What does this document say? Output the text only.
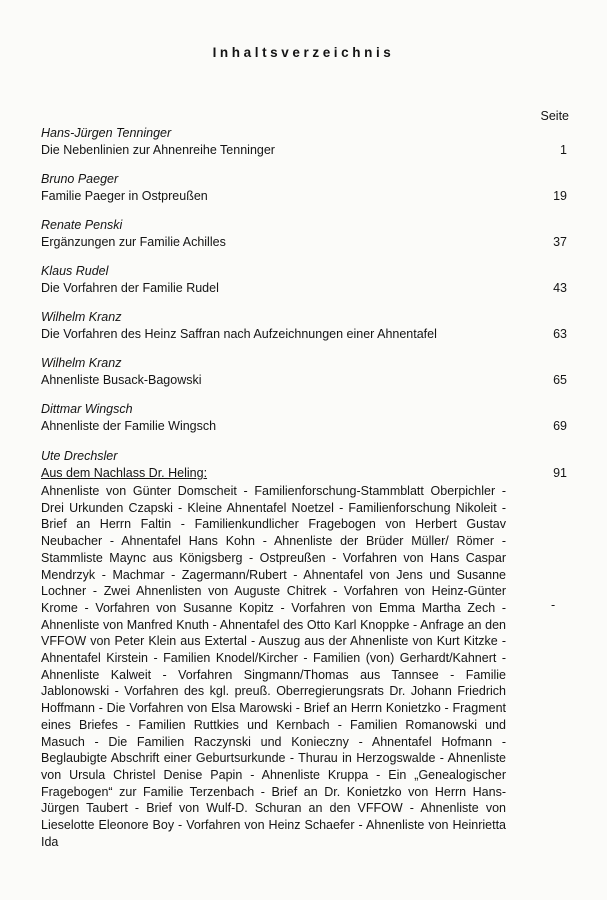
Inhaltsverzeichnis
Seite
Hans-Jürgen Tenninger
Die Nebenlinien zur Ahnenreihe Tenninger	1
Bruno Paeger
Familie Paeger in Ostpreußen	19
Renate Penski
Ergänzungen zur Familie Achilles	37
Klaus Rudel
Die Vorfahren der Familie Rudel	43
Wilhelm Kranz
Die Vorfahren des Heinz Saffran nach Aufzeichnungen einer Ahnentafel	63
Wilhelm Kranz
Ahnenliste Busack-Bagowski	65
Dittmar Wingsch
Ahnenliste der Familie Wingsch	69
Ute Drechsler
Aus dem Nachlass Dr. Heling:	91
Ahnenliste von Günter Domscheit - Familienforschung-Stammblatt Oberpichler - Drei Urkunden Czapski - Kleine Ahnentafel Noetzel - Familienforschung Nikoleit - Brief an Herrn Faltin - Familienkundlicher Fragebogen von Herbert Gustav Neubacher - Ahnentafel Hans Kohn - Ahnenliste der Brüder Müller/ Römer - Stammliste Maync aus Königsberg - Ostpreußen - Vorfahren von Hans Caspar Mendrzyk - Machmar - Zagermann/Rubert - Ahnentafel von Jens und Susanne Lochner - Zwei Ahnenlisten von Auguste Chitrek - Vorfahren von Heinz-Günter Krome - Vorfahren von Susanne Kopitz - Vorfahren von Emma Martha Zech - Ahnenliste von Manfred Knuth - Ahnentafel des Otto Karl Knoppke - Anfrage an den VFFOW von Peter Klein aus Extertal - Auszug aus der Ahnenliste von Kurt Kitzke - Ahnentafel Kirstein - Familien Knodel/Kircher - Familien (von) Gerhardt/Kahnert - Ahnenliste Kalweit - Vorfahren Singmann/Thomas aus Tannsee - Familie Jablonowski - Vorfahren des kgl. preuß. Oberregierungsrats Dr. Johann Friedrich Hoffmann - Die Vorfahren von Elsa Marowski - Brief an Herrn Konietzko - Fragment eines Briefes - Familien Ruttkies und Kernbach - Familien Romanowski und Masuch - Die Familien Raczynski und Konieczny - Ahnentafel Hofmann - Beglaubigte Abschrift einer Geburtsurkunde - Thurau in Herzogswalde - Ahnenliste von Ursula Christel Denise Papin - Ahnenliste Kruppa - Ein „Genealogischer Fragebogen“ zur Familie Terzenbach - Brief an Dr. Konietzko von Herrn Hans-Jürgen Taubert - Brief von Wulf-D. Schuran an den VFFOW - Ahnenliste von Lieselotte Eleonore Boy - Vorfahren von Heinz Schaefer - Ahnenliste von Heinrietta Ida
-
